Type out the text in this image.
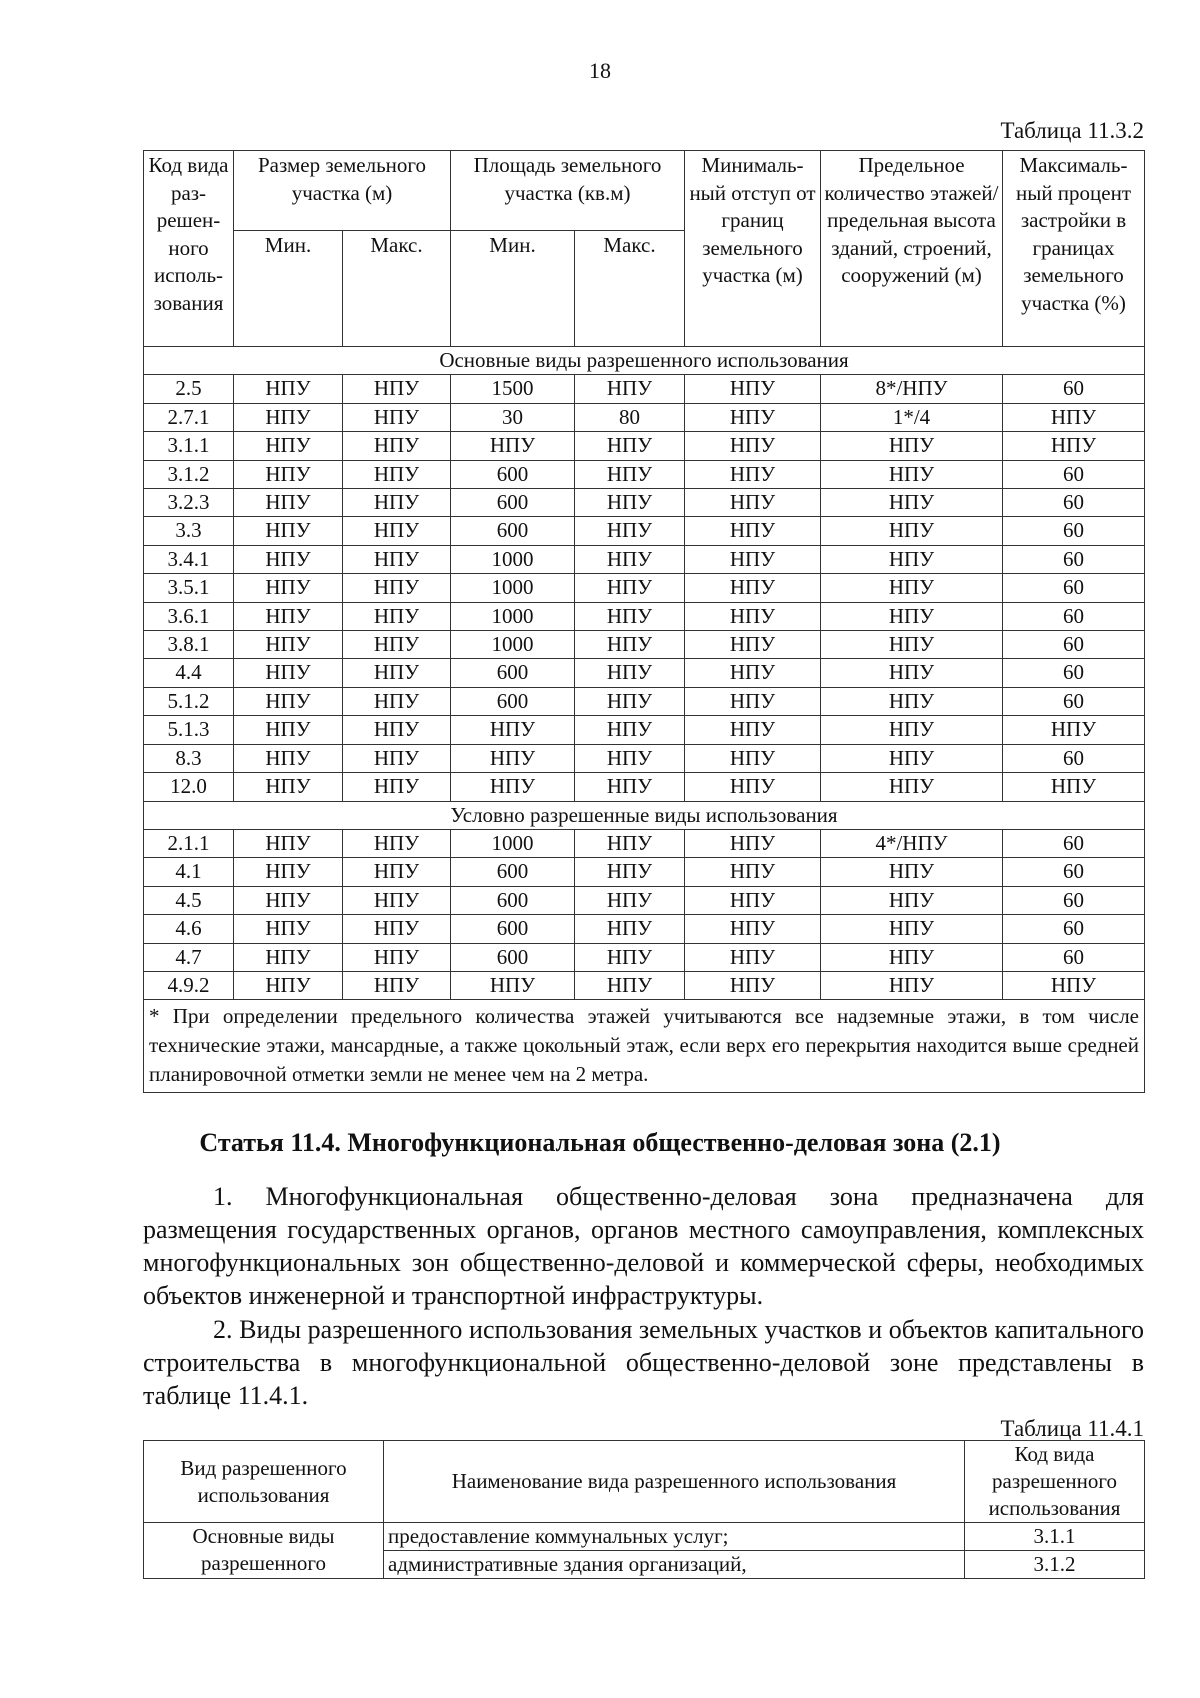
18
Таблица 11.3.2
Код вида раз-решен-ного исполь-зования	Размер земельного участка (м)		Площадь земельного участка (кв.м)		Минималь-ный отступ от границ земельного участка (м)	Предельное количество этажей/ предельная высота зданий, строений, сооружений (м)	Максималь-ный процент застройки в границах земельного участка (%)
	Мин.	Макс.	Мин.	Макс.			
Основные виды разрешенного использования							
2.5	НПУ	НПУ	1500	НПУ	НПУ	8*/НПУ	60
2.7.1	НПУ	НПУ	30	80	НПУ	1*/4	НПУ
3.1.1	НПУ	НПУ	НПУ	НПУ	НПУ	НПУ	НПУ
3.1.2	НПУ	НПУ	600	НПУ	НПУ	НПУ	60
3.2.3	НПУ	НПУ	600	НПУ	НПУ	НПУ	60
3.3	НПУ	НПУ	600	НПУ	НПУ	НПУ	60
3.4.1	НПУ	НПУ	1000	НПУ	НПУ	НПУ	60
3.5.1	НПУ	НПУ	1000	НПУ	НПУ	НПУ	60
3.6.1	НПУ	НПУ	1000	НПУ	НПУ	НПУ	60
3.8.1	НПУ	НПУ	1000	НПУ	НПУ	НПУ	60
4.4	НПУ	НПУ	600	НПУ	НПУ	НПУ	60
5.1.2	НПУ	НПУ	600	НПУ	НПУ	НПУ	60
5.1.3	НПУ	НПУ	НПУ	НПУ	НПУ	НПУ	НПУ
8.3	НПУ	НПУ	НПУ	НПУ	НПУ	НПУ	60
12.0	НПУ	НПУ	НПУ	НПУ	НПУ	НПУ	НПУ
Условно разрешенные виды использования							
2.1.1	НПУ	НПУ	1000	НПУ	НПУ	4*/НПУ	60
4.1	НПУ	НПУ	600	НПУ	НПУ	НПУ	60
4.5	НПУ	НПУ	600	НПУ	НПУ	НПУ	60
4.6	НПУ	НПУ	600	НПУ	НПУ	НПУ	60
4.7	НПУ	НПУ	600	НПУ	НПУ	НПУ	60
4.9.2	НПУ	НПУ	НПУ	НПУ	НПУ	НПУ	НПУ
* При определении предельного количества этажей учитываются все надземные этажи, в том числе технические этажи, мансардные, а также цокольный этаж, если верх его перекрытия находится выше средней планировочной отметки земли не менее чем на 2 метра.							
Статья 11.4. Многофункциональная общественно-деловая зона (2.1)

1. Многофункциональная общественно-деловая зона предназначена для размещения государственных органов, органов местного самоуправления, комплексных многофункциональных зон общественно-деловой и коммерческой сферы, необходимых объектов инженерной и транспортной инфраструктуры.

2. Виды разрешенного использования земельных участков и объектов капитального строительства в многофункциональной общественно-деловой зоне представлены в таблице 11.4.1.

Таблица 11.4.1
Вид разрешенного использования	Наименование вида разрешенного использования	Код вида разрешенного использования
Основные виды разрешенного	предоставление коммунальных услуг;	3.1.1
	административные здания организаций,	3.1.2
